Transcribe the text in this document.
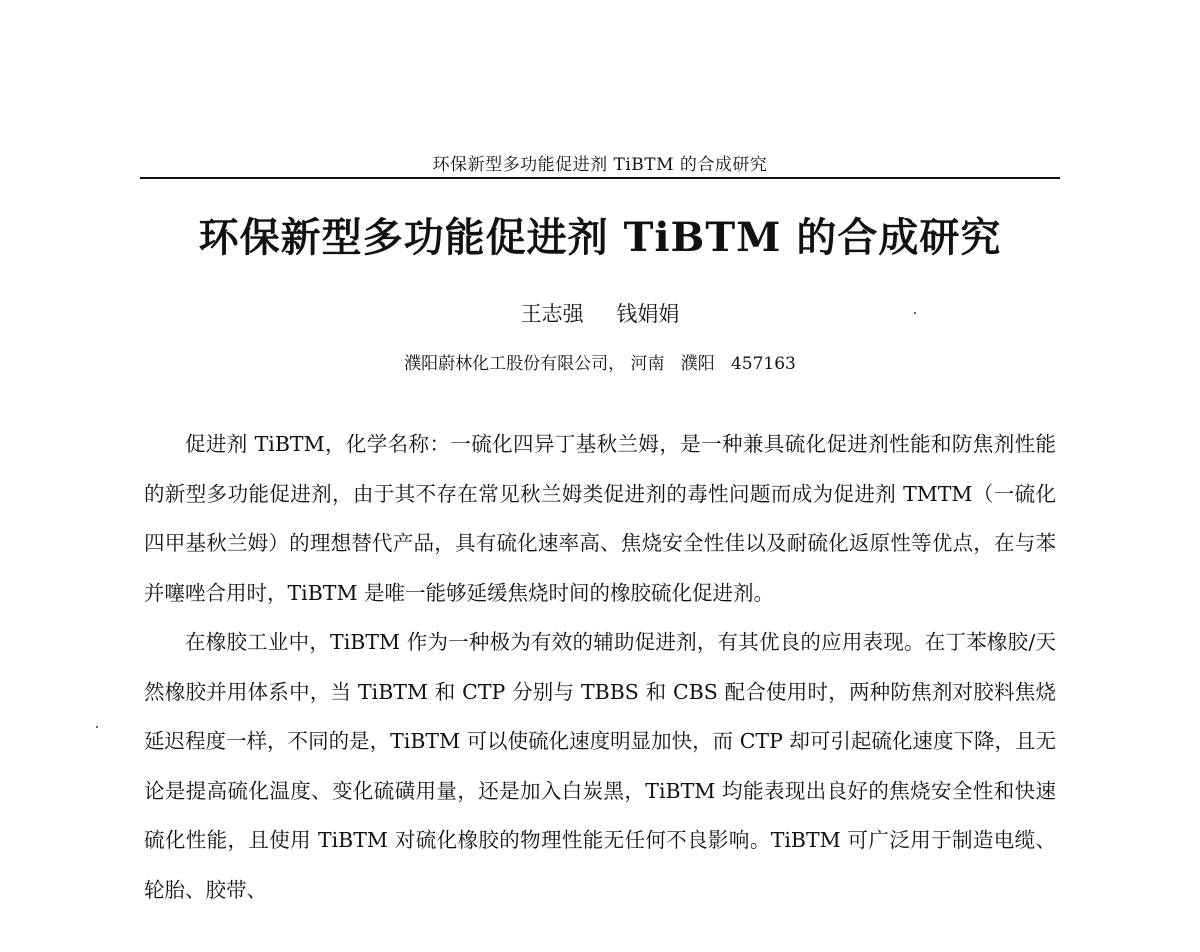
环保新型多功能促进剂 TiBTM 的合成研究
环保新型多功能促进剂 TiBTM 的合成研究
王志强 钱娟娟
濮阳蔚林化工股份有限公司， 河南   濮阳   457163

促进剂 TiBTM，化学名称：一硫化四异丁基秋兰姆，是一种兼具硫化促进剂性能和防焦剂性能的新型多功能促进剂，由于其不存在常见秋兰姆类促进剂的毒性问题而成为促进剂 TMTM（一硫化四甲基秋兰姆）的理想替代产品，具有硫化速率高、焦烧安全性佳以及耐硫化返原性等优点，在与苯并噻唑合用时，TiBTM 是唯一能够延缓焦烧时间的橡胶硫化促进剂。

在橡胶工业中，TiBTM 作为一种极为有效的辅助促进剂，有其优良的应用表现。在丁苯橡胶/天然橡胶并用体系中，当 TiBTM 和 CTP 分别与 TBBS 和 CBS 配合使用时，两种防焦剂对胶料焦烧延迟程度一样，不同的是，TiBTM 可以使硫化速度明显加快，而 CTP 却可引起硫化速度下降，且无论是提高硫化温度、变化硫磺用量，还是加入白炭黑，TiBTM 均能表现出良好的焦烧安全性和快速硫化性能，且使用 TiBTM 对硫化橡胶的物理性能无任何不良影响。TiBTM 可广泛用于制造电缆、轮胎、胶带、
